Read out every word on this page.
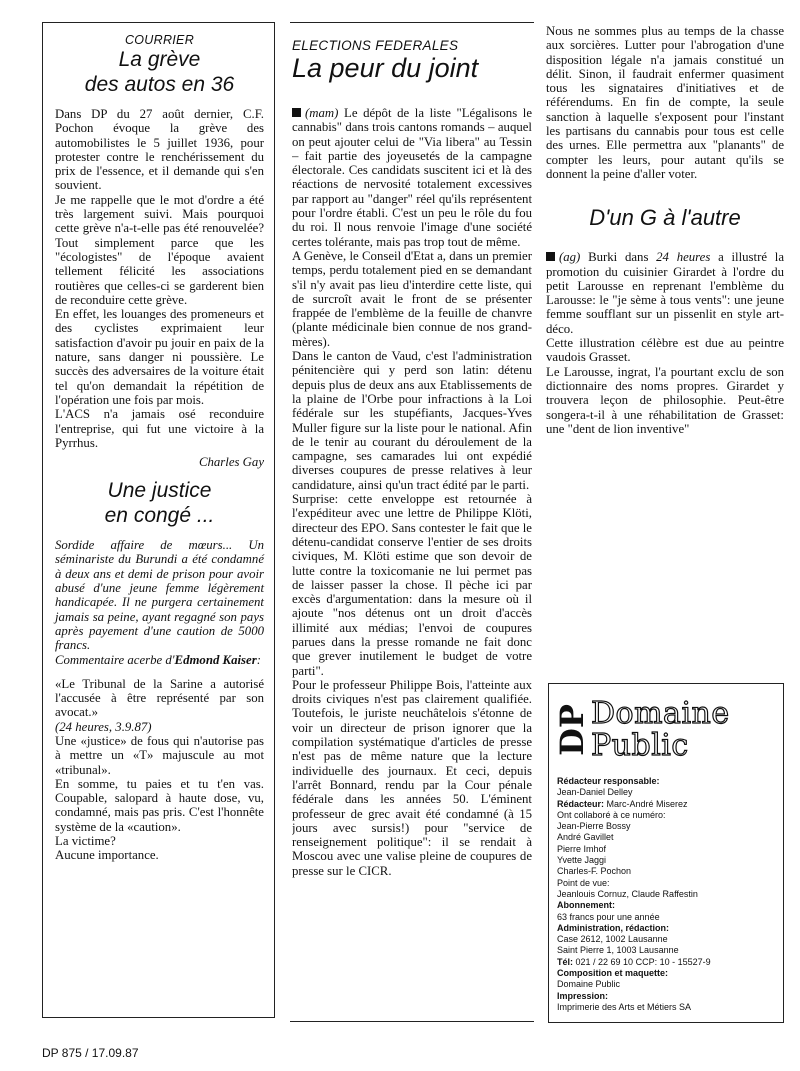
COURRIER
La grève
des autos en 36

Dans DP du 27 août dernier, C.F. Pochon évoque la grève des automobilistes le 5 juillet 1936, pour protester contre le renchérissement du prix de l'essence, et il demande qui s'en souvient.

Je me rappelle que le mot d'ordre a été très largement suivi. Mais pourquoi cette grève n'a-t-elle pas été renouvelée? Tout simplement parce que les "écologistes" de l'époque avaient tellement félicité les associations routières que celles-ci se garderent bien de reconduire cette grève.

En effet, les louanges des promeneurs et des cyclistes exprimaient leur satisfaction d'avoir pu jouir en paix de la nature, sans danger ni poussière. Le succès des adversaires de la voiture était tel qu'on demandait la répétition de l'opération une fois par mois.

L'ACS n'a jamais osé reconduire l'entreprise, qui fut une victoire à la Pyrrhus.

Charles Gay
Une justice
en congé ...

Sordide affaire de mœurs... Un séminariste du Burundi a été condamné à deux ans et demi de prison pour avoir abusé d'une jeune femme légèrement handicapée. Il ne purgera certainement jamais sa peine, ayant regagné son pays après payement d'une caution de 5000 francs.

Commentaire acerbe d'Edmond Kaiser:

«Le Tribunal de la Sarine a autorisé l'accusée à être représenté par son avocat.»

(24 heures, 3.9.87)

Une «justice» de fous qui n'autorise pas à mettre un «T» majuscule au mot «tribunal».

En somme, tu paies et tu t'en vas. Coupable, salopard à haute dose, vu, condamné, mais pas pris. C'est l'honnête système de la «caution».

La victime?

Aucune importance.

ELECTIONS FEDERALES
La peur du joint

(mam) Le dépôt de la liste "Légalisons le cannabis" dans trois cantons romands – auquel on peut ajouter celui de "Via libera" au Tessin – fait partie des joyeusetés de la campagne électorale. Ces candidats suscitent ici et là des réactions de nervosité totalement excessives par rapport au "danger" réel qu'ils représentent pour l'ordre établi. C'est un peu le rôle du fou du roi. Il nous renvoie l'image d'une société certes tolérante, mais pas trop tout de même.

A Genève, le Conseil d'Etat a, dans un premier temps, perdu totalement pied en se demandant s'il n'y avait pas lieu d'interdire cette liste, qui de surcroît avait le front de se présenter frappée de l'emblème de la feuille de chanvre (plante médicinale bien connue de nos grand-mères).

Dans le canton de Vaud, c'est l'administration pénitencière qui y perd son latin: détenu depuis plus de deux ans aux Etablissements de la plaine de l'Orbe pour infractions à la Loi fédérale sur les stupéfiants, Jacques-Yves Muller figure sur la liste pour le national. Afin de le tenir au courant du déroulement de la campagne, ses camarades lui ont expédié diverses coupures de presse relatives à leur candidature, ainsi qu'un tract édité par le parti.

Surprise: cette enveloppe est retournée à l'expéditeur avec une lettre de Philippe Klöti, directeur des EPO. Sans contester le fait que le détenu-candidat conserve l'entier de ses droits civiques, M. Klöti estime que son devoir de lutte contre la toxicomanie ne lui permet pas de laisser passer la chose. Il pèche ici par excès d'argumentation: dans la mesure où il ajoute "nos détenus ont un droit d'accès illimité aux médias; l'envoi de coupures parues dans la presse romande ne fait donc que grever inutilement le budget de votre parti".

Pour le professeur Philippe Bois, l'atteinte aux droits civiques n'est pas clairement qualifiée. Toutefois, le juriste neuchâtelois s'étonne de voir un directeur de prison ignorer que la compilation systématique d'articles de presse n'est pas de même nature que la lecture individuelle des journaux. Et ceci, depuis l'arrêt Bonnard, rendu par la Cour pénale fédérale dans les années 50. L'éminent professeur de grec avait été condamné (à 15 jours avec sursis!) pour "service de renseignement politique": il se rendait à Moscou avec une valise pleine de coupures de presse sur le CICR.

Nous ne sommes plus au temps de la chasse aux sorcières. Lutter pour l'abrogation d'une disposition légale n'a jamais constitué un délit. Sinon, il faudrait enfermer quasiment tous les signataires d'initiatives et de référendums. En fin de compte, la seule sanction à laquelle s'exposent pour l'instant les partisans du cannabis pour tous est celle des urnes. Elle permettra aux "planants" de compter les leurs, pour autant qu'ils se donnent la peine d'aller voter.

D'un G à l'autre

(ag) Burki dans 24 heures a illustré la promotion du cuisinier Girardet à l'ordre du petit Larousse en reprenant l'emblème du Larousse: le "je sème à tous vents": une jeune femme soufflant sur un pissenlit en style art-déco.

Cette illustration célèbre est due au peintre vaudois Grasset.

Le Larousse, ingrat, l'a pourtant exclu de son dictionnaire des noms propres. Girardet y trouvera leçon de philosophie. Peut-être songera-t-il à une réhabilitation de Grasset: une "dent de lion inventive"

DP Domaine
Public
Rédacteur responsable:
Jean-Daniel Delley
Rédacteur: Marc-André Miserez
Ont collaboré à ce numéro:
Jean-Pierre Bossy
André Gavillet
Pierre Imhof
Yvette Jaggi
Charles-F. Pochon
Point de vue:
Jeanlouis Cornuz, Claude Raffestin
Abonnement:
63 francs pour une année
Administration, rédaction:
Case 2612, 1002 Lausanne
Saint Pierre 1, 1003 Lausanne
Tél: 021 / 22 69 10 CCP: 10 - 15527-9
Composition et maquette:
Domaine Public
Impression:
Imprimerie des Arts et Métiers SA
DP 875 / 17.09.87
